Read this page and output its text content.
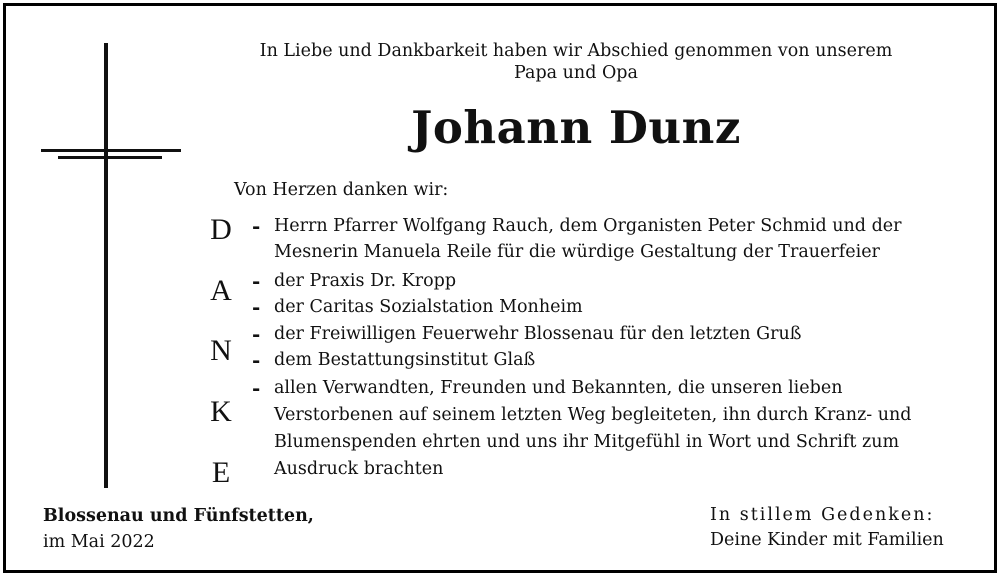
In Liebe und Dankbarkeit haben wir Abschied genommen von unserem
Papa und Opa
Johann Dunz
Von Herzen danken wir:
D
A
N
K
E
- Herrn Pfarrer Wolfgang Rauch, dem Organisten Peter Schmid und der
Mesnerin Manuela Reile für die würdige Gestaltung der Trauerfeier
- der Praxis Dr. Kropp
- der Caritas Sozialstation Monheim
- der Freiwilligen Feuerwehr Blossenau für den letzten Gruß
- dem Bestattungsinstitut Glaß
- allen Verwandten, Freunden und Bekannten, die unseren lieben
Verstorbenen auf seinem letzten Weg begleiteten, ihn durch Kranz- und
Blumenspenden ehrten und uns ihr Mitgefühl in Wort und Schrift zum
Ausdruck brachten
Blossenau und Fünfstetten,
im Mai 2022
In stillem Gedenken:
Deine Kinder mit Familien
